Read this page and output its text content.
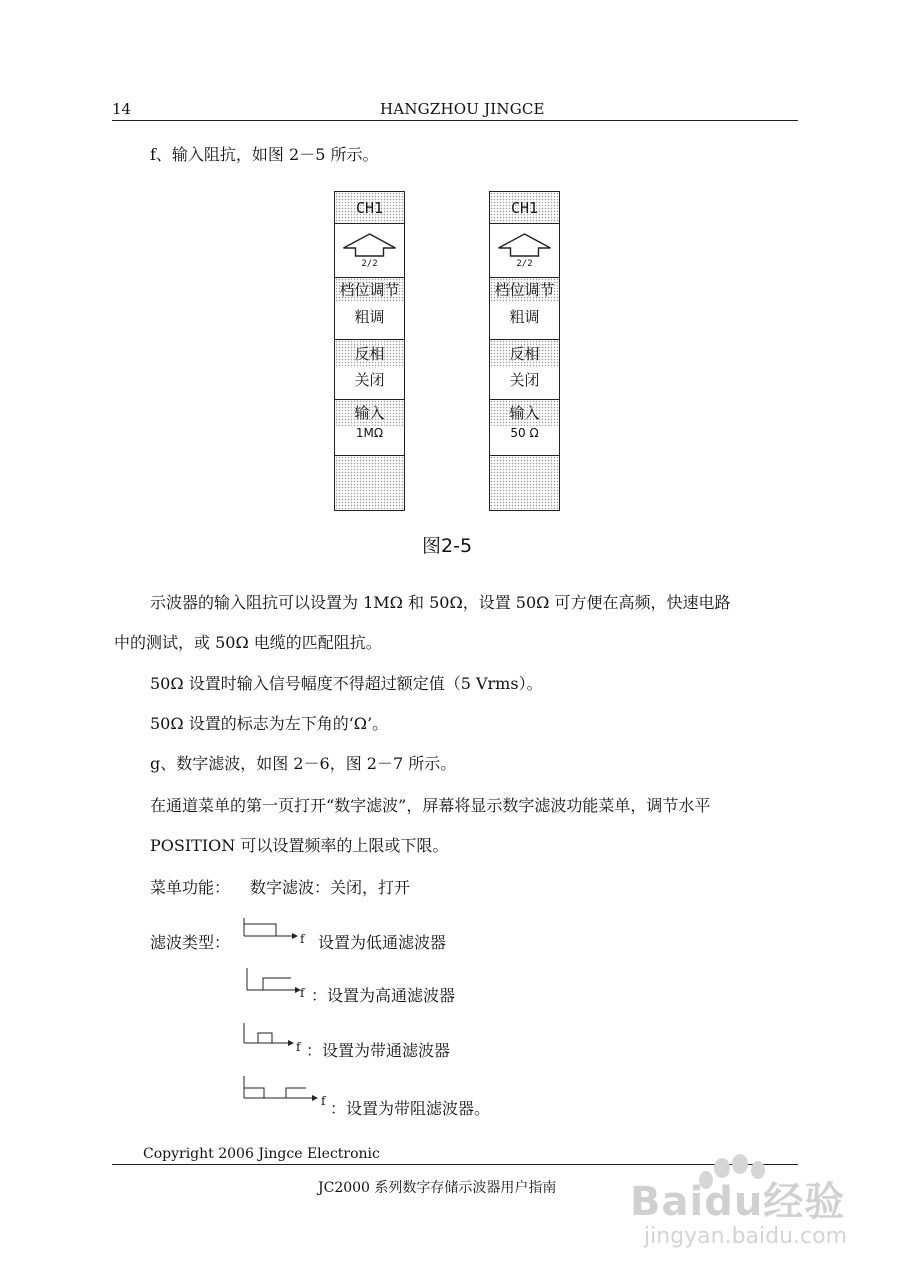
14	HANGZHOU JINGCE
f、输入阻抗，如图 2－5 所示。
CH1
2/2
档位调节
粗调
反相
关闭
输入
1MΩ
CH1
2/2
档位调节
粗调
反相
关闭
输入
50 Ω
图2-5
示波器的输入阻抗可以设置为 1MΩ 和 50Ω，设置 50Ω 可方便在高频，快速电路
中的测试，或 50Ω 电缆的匹配阻抗。
50Ω 设置时输入信号幅度不得超过额定值（5 Vrms）。
50Ω 设置的标志为左下角的‘Ω’。
g、数字滤波，如图 2－6，图 2－7 所示。
在通道菜单的第一页打开“数字滤波”，屏幕将显示数字滤波功能菜单，调节水平
POSITION 可以设置频率的上限或下限。
菜单功能： 数字滤波：关闭，打开
滤波类型：	f 设置为低通滤波器
f ：设置为高通滤波器
f ：设置为带通滤波器
f ：设置为带阻滤波器。
Copyright 2006 Jingce Electronic
JC2000 系列数字存储示波器用户指南 Baidu经验
jingyan.baidu.com
